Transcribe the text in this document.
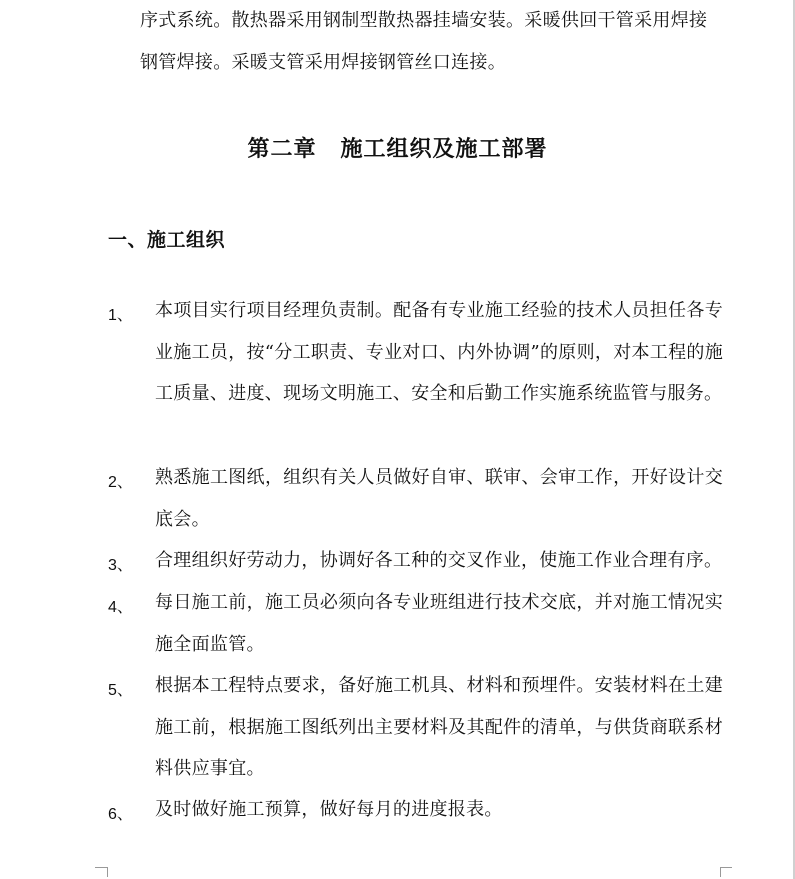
序式系统。散热器采用钢制型散热器挂墙安装。采暖供回干管采用焊接
钢管焊接。采暖支管采用焊接钢管丝口连接。
第二章 施工组织及施工部署
一、施工组织
1、 本项目实行项目经理负责制。配备有专业施工经验的技术人员担任各专业施工员，按“分工职责、专业对口、内外协调”的原则，对本工程的施工质量、进度、现场文明施工、安全和后勤工作实施系统监管与服务。
2、 熟悉施工图纸，组织有关人员做好自审、联审、会审工作，开好设计交底会。
3、 合理组织好劳动力，协调好各工种的交叉作业，使施工作业合理有序。
4、 每日施工前，施工员必须向各专业班组进行技术交底，并对施工情况实施全面监管。
5、 根据本工程特点要求，备好施工机具、材料和预埋件。安装材料在土建施工前，根据施工图纸列出主要材料及其配件的清单，与供货商联系材料供应事宜。
6、 及时做好施工预算，做好每月的进度报表。
